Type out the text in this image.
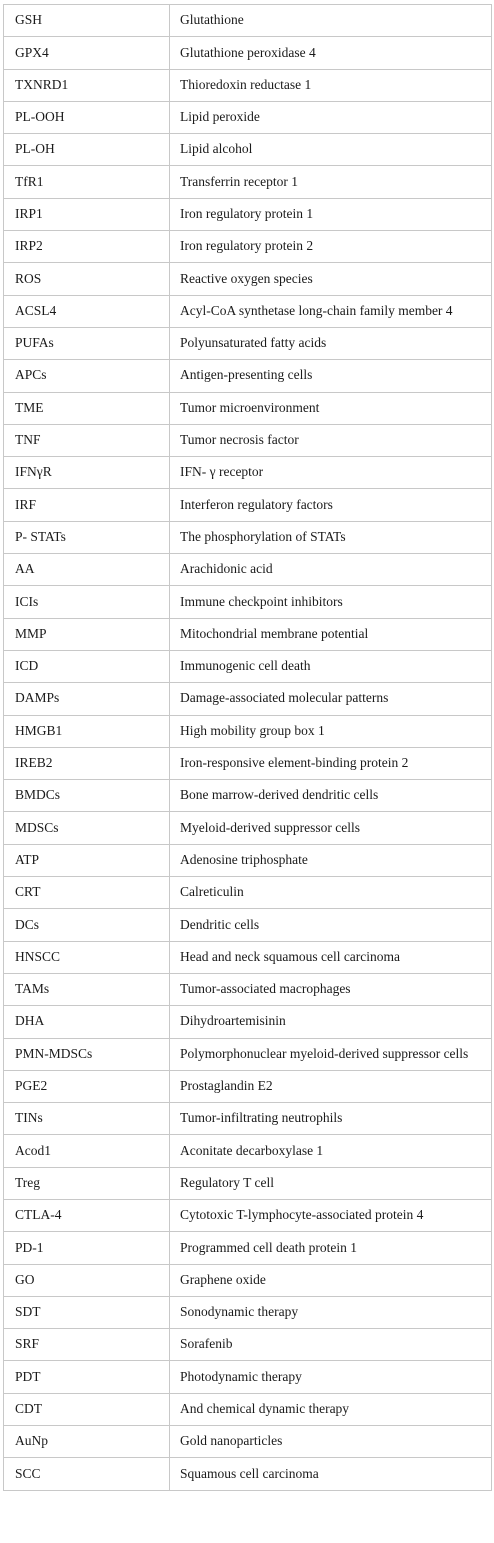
GSH	Glutathione
GPX4	Glutathione peroxidase 4
TXNRD1	Thioredoxin reductase 1
PL-OOH	Lipid peroxide
PL-OH	Lipid alcohol
TfR1	Transferrin receptor 1
IRP1	Iron regulatory protein 1
IRP2	Iron regulatory protein 2
ROS	Reactive oxygen species
ACSL4	Acyl-CoA synthetase long-chain family member 4
PUFAs	Polyunsaturated fatty acids
APCs	Antigen-presenting cells
TME	Tumor microenvironment
TNF	Tumor necrosis factor
IFNγR	IFN- γ receptor
IRF	Interferon regulatory factors
P- STATs	The phosphorylation of STATs
AA	Arachidonic acid
ICIs	Immune checkpoint inhibitors
MMP	Mitochondrial membrane potential
ICD	Immunogenic cell death
DAMPs	Damage-associated molecular patterns
HMGB1	High mobility group box 1
IREB2	Iron-responsive element-binding protein 2
BMDCs	Bone marrow-derived dendritic cells
MDSCs	Myeloid-derived suppressor cells
ATP	Adenosine triphosphate
CRT	Calreticulin
DCs	Dendritic cells
HNSCC	Head and neck squamous cell carcinoma
TAMs	Tumor-associated macrophages
DHA	Dihydroartemisinin
PMN-MDSCs	Polymorphonuclear myeloid-derived suppressor cells
PGE2	Prostaglandin E2
TINs	Tumor-infiltrating neutrophils
Acod1	Aconitate decarboxylase 1
Treg	Regulatory T cell
CTLA-4	Cytotoxic T-lymphocyte-associated protein 4
PD-1	Programmed cell death protein 1
GO	Graphene oxide
SDT	Sonodynamic therapy
SRF	Sorafenib
PDT	Photodynamic therapy
CDT	And chemical dynamic therapy
AuNp	Gold nanoparticles
SCC	Squamous cell carcinoma
